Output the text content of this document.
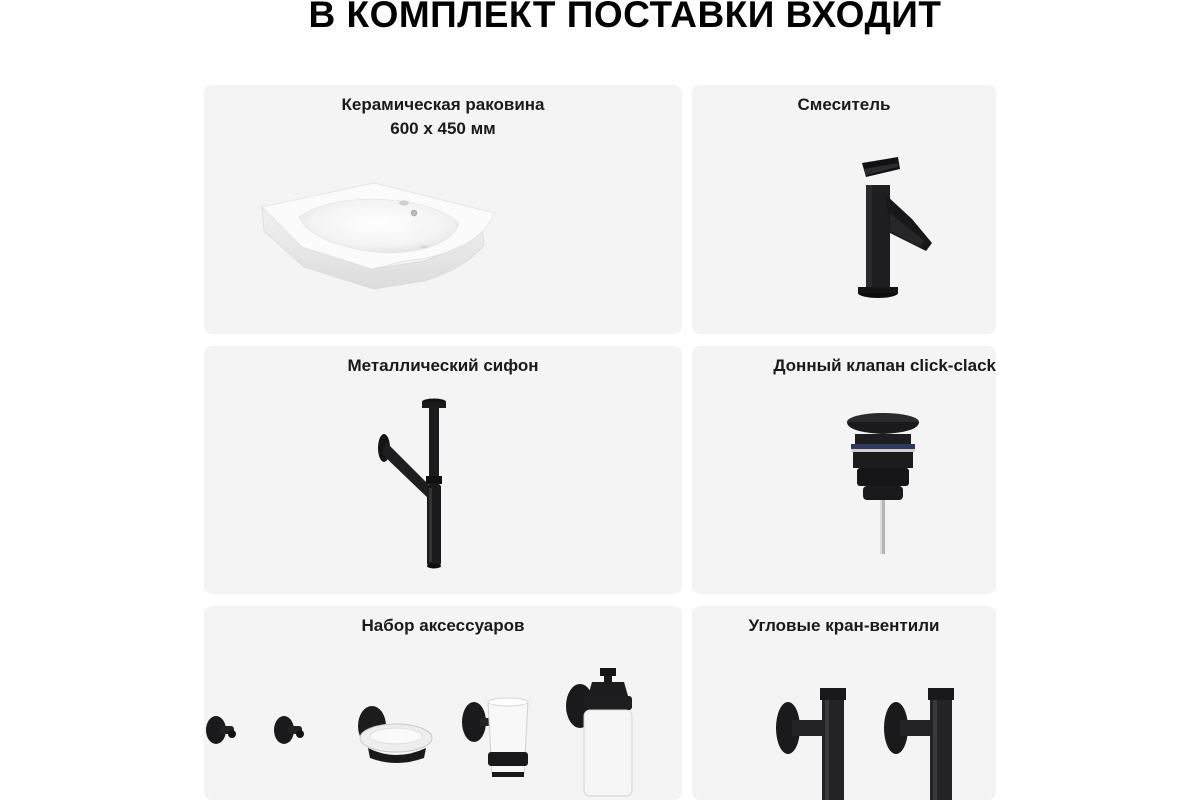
В КОМПЛЕКТ ПОСТАВКИ ВХОДИТ
Керамическая раковина
600 x 450 мм
Смеситель
Металлический сифон	Донный клапан click-clack
Набор аксессуаров	Угловые кран-вентили
